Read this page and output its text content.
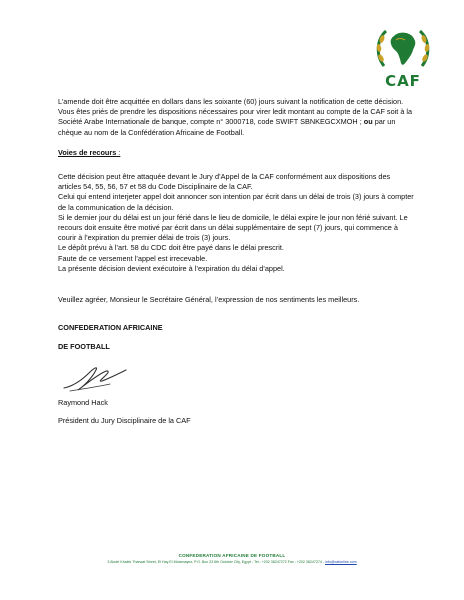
CAF
L’amende doit être acquittée en dollars dans les soixante (60) jours suivant la notification de cette décision. Vous êtes priés de prendre les dispositions nécessaires pour virer ledit montant au compte de la CAF soit à la Société Arabe Internationale de banque, compte n° 3000718, code SWIFT SBNKEGCXMOH ; ou par un chèque au nom de la Confédération Africaine de Football.
Voies de recours :
Cette décision peut être attaquée devant le Jury d’Appel de la CAF conformément aux dispositions des articles 54, 55, 56, 57 et 58 du Code Disciplinaire de la CAF.
Celui qui entend interjeter appel doit annoncer son intention par écrit dans un délai de trois (3) jours à compter de la communication de la décision.
Si le dernier jour du délai est un jour férié dans le lieu de domicile, le délai expire le jour non férié suivant. Le recours doit ensuite être motivé par écrit dans un délai supplémentaire de sept (7) jours, qui commence à courir à l’expiration du premier délai de trois (3) jours.
Le dépôt prévu à l’art. 58 du CDC doit être payé dans le délai prescrit.
Faute de ce versement l’appel est irrecevable.
La présente décision devient exécutoire à l’expiration du délai d’appel.
Veuillez agréer, Monsieur le Secrétaire Général, l’expression de nos sentiments les meilleurs.
CONFEDERATION AFRICAINE
DE FOOTBALL
Raymond Hack
Président du Jury Disciplinaire de la CAF
CONFEDERATION AFRICAINE DE FOOTBALL
3 Abdel Khalek Tharwat Street, El Hay El Motamayez, P.O. Box 23 6th October City, Egypt - Tel.: +202 38247272 Fax : +202 38247274 - info@cafonline.com
